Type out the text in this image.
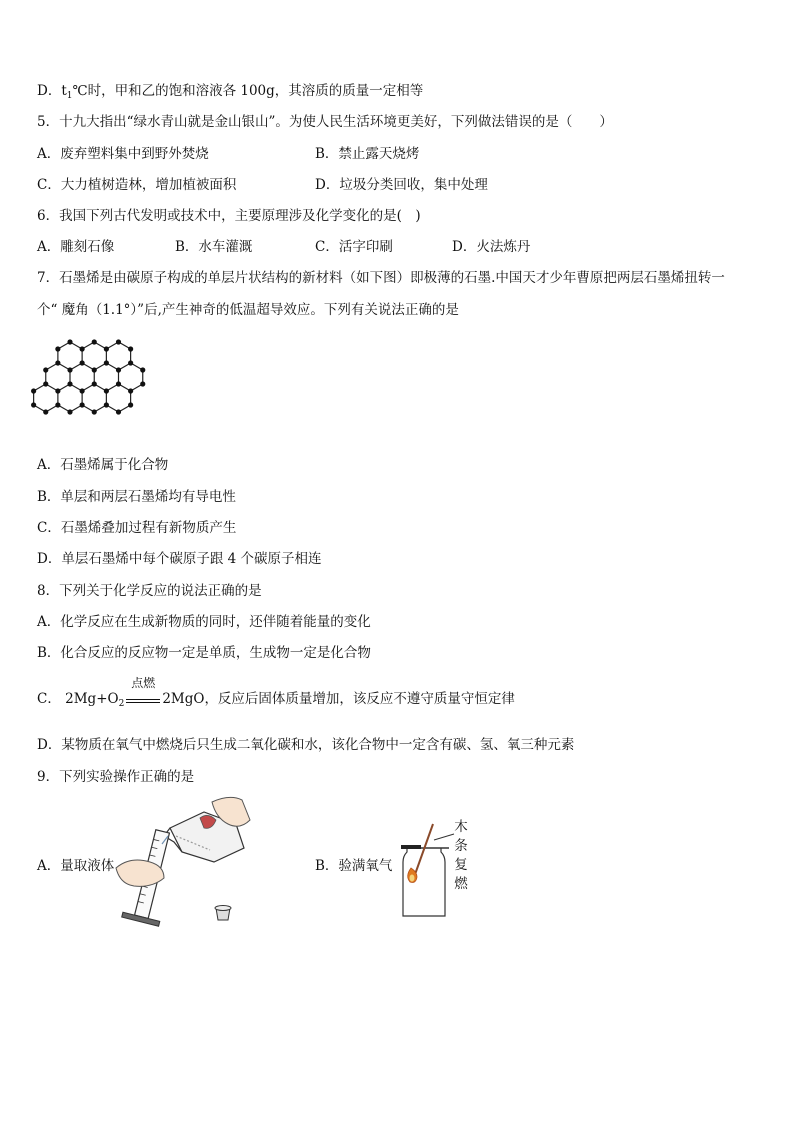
D．$t_1℃$时，甲和乙的饱和溶液各 100g，其溶质的质量一定相等
5．十九大指出“绿水青山就是金山银山”。为使人民生活环境更美好，下列做法错误的是（　　）
A．废弃塑料集中到野外焚烧	B．禁止露天烧烤
C．大力植树造林，增加植被面积	D．垃圾分类回收，集中处理
6．我国下列古代发明或技术中，主要原理涉及化学变化的是(　)
A．雕刻石像	B．水车灌溉	C．活字印刷	D．火法炼丹
7．石墨烯是由碳原子构成的单层片状结构的新材料（如下图）即极薄的石墨.中国天才少年曹原把两层石墨烯扭转一
个“ 魔角（1.1°）”后,产生神奇的低温超导效应。下列有关说法正确的是
A．石墨烯属于化合物
B．单层和两层石墨烯均有导电性
C．石墨烯叠加过程有新物质产生
D．单层石墨烯中每个碳原子跟 4 个碳原子相连
8．下列关于化学反应的说法正确的是
A．化学反应在生成新物质的同时，还伴随着能量的变化
B．化合反应的反应物一定是单质，生成物一定是化合物
C． $2Mg+O_2$
点燃
2MgO，反应后固体质量增加，该反应不遵守质量守恒定律
D．某物质在氧气中燃烧后只生成二氧化碳和水，该化合物中一定含有碳、氢、氧三种元素
9．下列实验操作正确的是
A．量取液体	B．验满氧气
木条复燃
